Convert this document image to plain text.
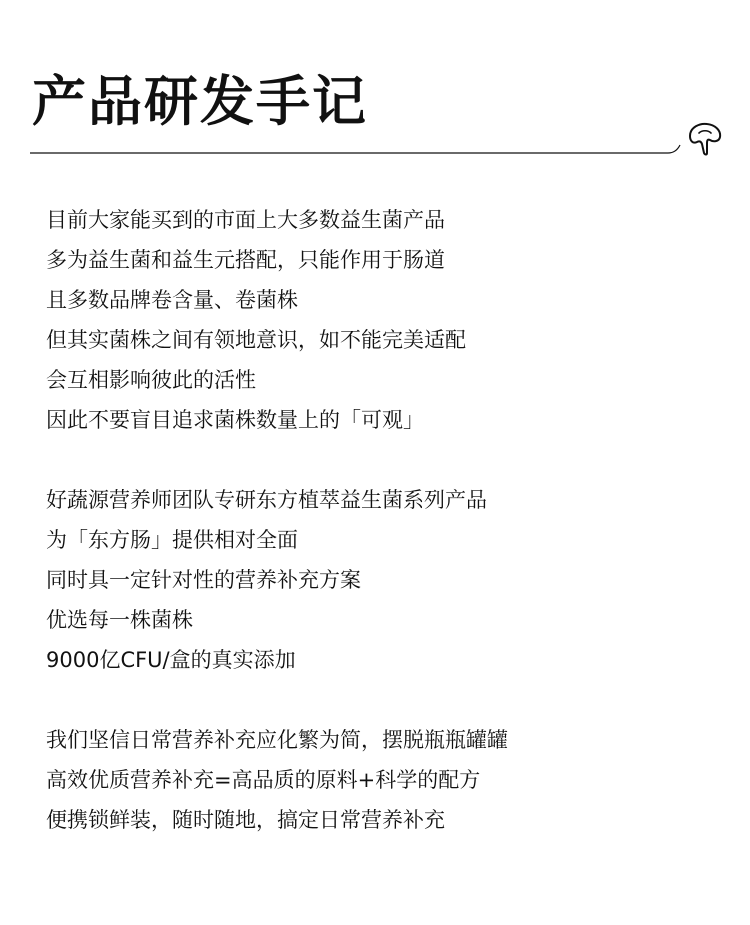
产品研发手记
目前大家能买到的市面上大多数益生菌产品
多为益生菌和益生元搭配，只能作用于肠道
且多数品牌卷含量、卷菌株
但其实菌株之间有领地意识，如不能完美适配
会互相影响彼此的活性
因此不要盲目追求菌株数量上的「可观」
好蔬源营养师团队专研东方植萃益生菌系列产品
为「东方肠」提供相对全面
同时具一定针对性的营养补充方案
优选每一株菌株
9000亿CFU/盒的真实添加
我们坚信日常营养补充应化繁为简，摆脱瓶瓶罐罐
高效优质营养补充=高品质的原料+科学的配方
便携锁鲜装，随时随地，搞定日常营养补充
